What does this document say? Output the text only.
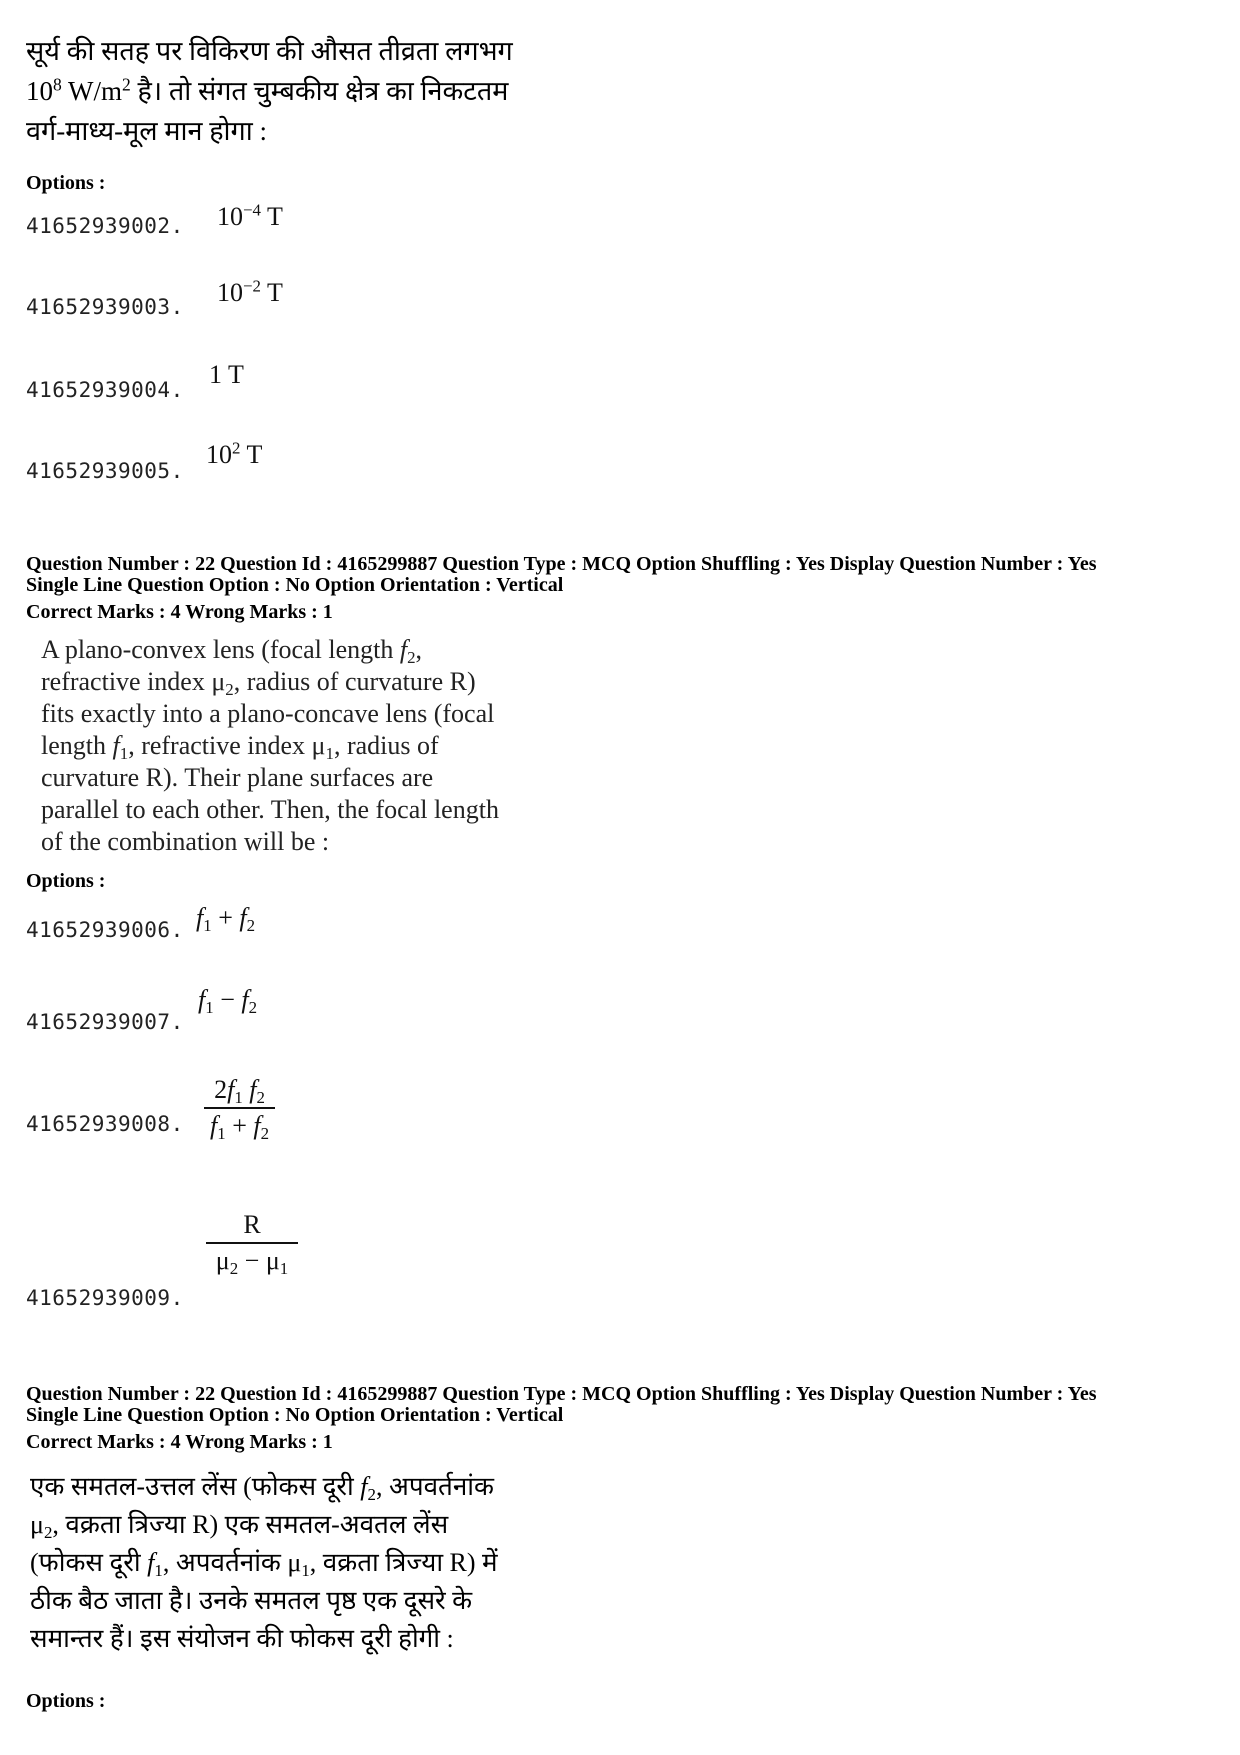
सूर्य की सतह पर विकिरण की औसत तीव्रता लगभग
$10^8$ $W/m^2$ है। तो संगत चुम्बकीय क्षेत्र का निकटतम
वर्ग-माध्य-मूल मान होगा :
Options :
41652939002. $10^{-4}$ T
41652939003. $10^{-2}$ T
41652939004.
1 T
41652939005.
$10^2$ T
Question Number : 22 Question Id : 4165299887 Question Type : MCQ Option Shuffling : Yes Display Question Number : Yes
Single Line Question Option : No Option Orientation : Vertical
Correct Marks : 4 Wrong Marks : 1
A plano-convex lens (focal length $f_2$,
refractive index $\mu_2$, radius of curvature R)
fits exactly into a plano-concave lens (focal
length $f_1$, refractive index $\mu_1$, radius of
curvature R). Their plane surfaces are
parallel to each other. Then, the focal length
of the combination will be :
Options :
41652939006. $f_1 + f_2$
41652939007.
$f_1 - f_2$
41652939008.
$2f_1$ $f_2$
$f_1 + f_2$
41652939009.
R
$\mu_2 - \mu_1$
Question Number : 22 Question Id : 4165299887 Question Type : MCQ Option Shuffling : Yes Display Question Number : Yes
Single Line Question Option : No Option Orientation : Vertical
Correct Marks : 4 Wrong Marks : 1
एक समतल-उत्तल लेंस (फोकस दूरी $f_2$, अपवर्तनांक
$\mu_2$, वक्रता त्रिज्या R) एक समतल-अवतल लेंस
(फोकस दूरी $f_1$, अपवर्तनांक $\mu_1$, वक्रता त्रिज्या R) में
ठीक बैठ जाता है। उनके समतल पृष्ठ एक दूसरे के
समान्तर हैं। इस संयोजन की फोकस दूरी होगी :
Options :
